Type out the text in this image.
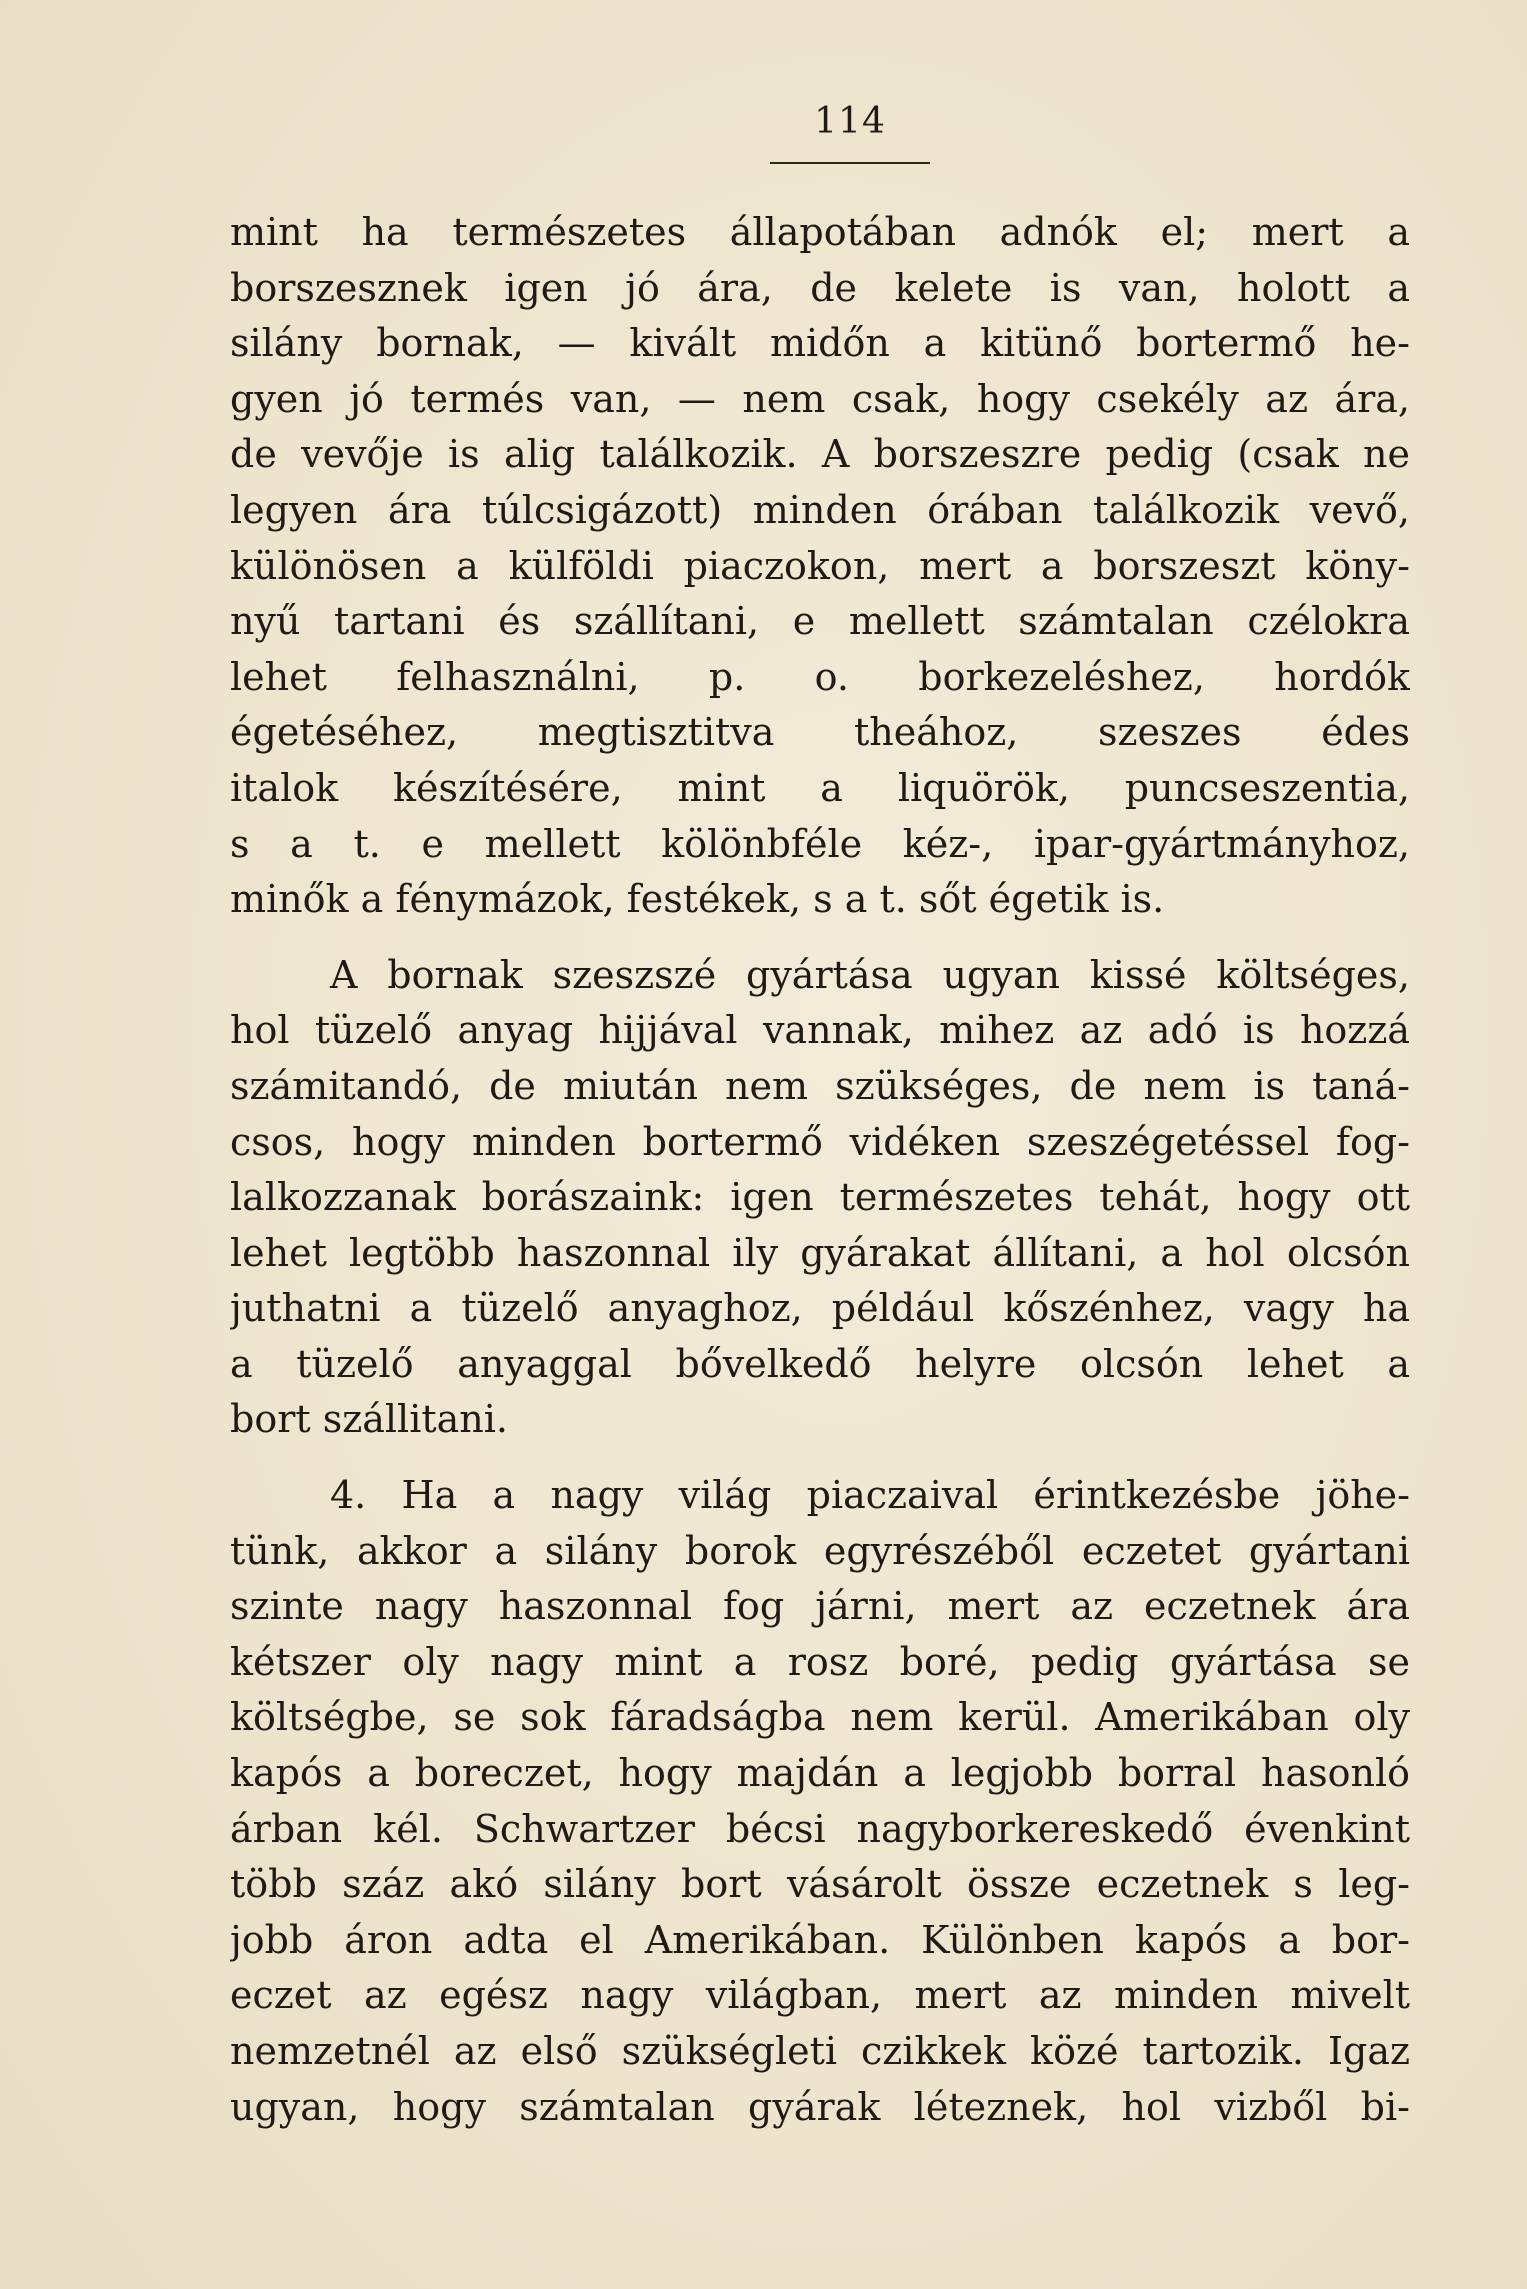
114
mint ha természetes állapotában adnók el; mert a
borszesznek igen jó ára, de kelete is van, holott a
silány bornak, — kivált midőn a kitünő bortermő he-
gyen jó termés van, — nem csak, hogy csekély az ára,
de vevője is alig találkozik. A borszeszre pedig (csak ne
legyen ára túlcsigázott) minden órában találkozik vevő,
különösen a külföldi piaczokon, mert a borszeszt köny-
nyű tartani és szállítani, e mellett számtalan czélokra
lehet felhasználni, p. o. borkezeléshez, hordók
égetéséhez, megtisztitva theához, szeszes édes
italok készítésére, mint a liquörök, puncseszentia,
s a t. e mellett kölönbféle kéz-, ipar-gyártmányhoz,
minők a fénymázok, festékek, s a t. sőt égetik is.
A bornak szeszszé gyártása ugyan kissé költséges,
hol tüzelő anyag hijjával vannak, mihez az adó is hozzá
számitandó, de miután nem szükséges, de nem is taná-
csos, hogy minden bortermő vidéken szeszégetéssel fog-
lalkozzanak borászaink: igen természetes tehát, hogy ott
lehet legtöbb haszonnal ily gyárakat állítani, a hol olcsón
juthatni a tüzelő anyaghoz, például kőszénhez, vagy ha
a tüzelő anyaggal bővelkedő helyre olcsón lehet a
bort szállitani.
4. Ha a nagy világ piaczaival érintkezésbe jöhe-
tünk, akkor a silány borok egyrészéből eczetet gyártani
szinte nagy haszonnal fog járni, mert az eczetnek ára
kétszer oly nagy mint a rosz boré, pedig gyártása se
költségbe, se sok fáradságba nem kerül. Amerikában oly
kapós a boreczet, hogy majdán a legjobb borral hasonló
árban kél. Schwartzer bécsi nagyborkereskedő évenkint
több száz akó silány bort vásárolt össze eczetnek s leg-
jobb áron adta el Amerikában. Különben kapós a bor-
eczet az egész nagy világban, mert az minden mivelt
nemzetnél az első szükségleti czikkek közé tartozik. Igaz
ugyan, hogy számtalan gyárak léteznek, hol vizből bi-
